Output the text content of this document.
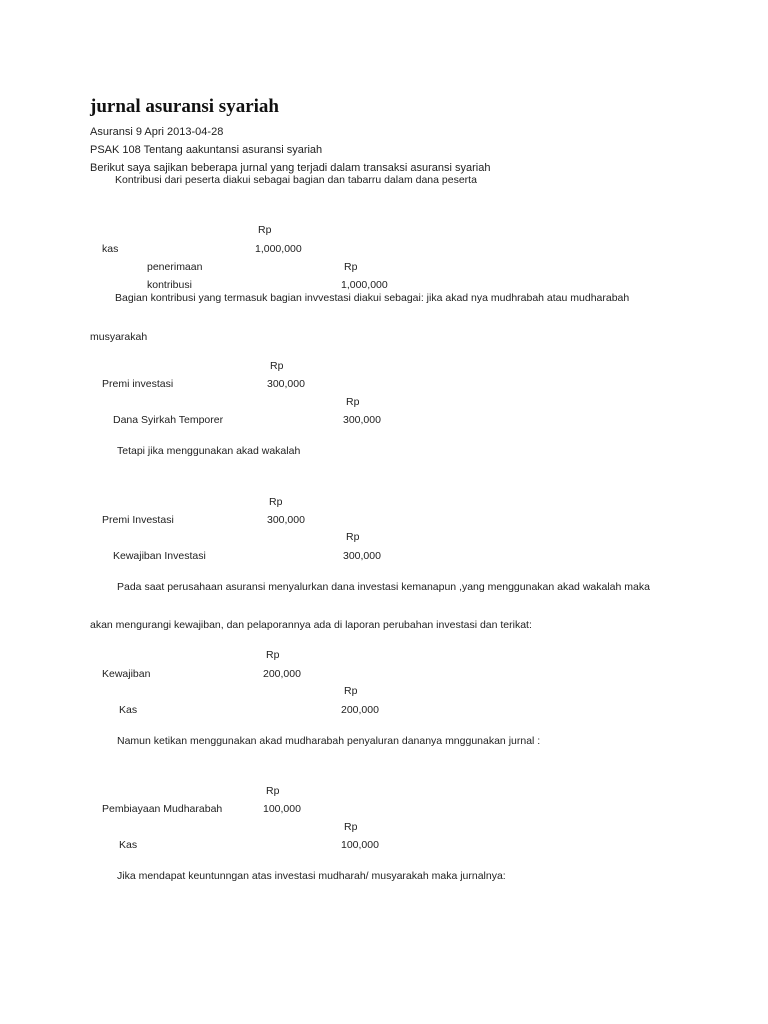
jurnal asuransi syariah
Asuransi 9 Apri 2013-04-28
PSAK 108 Tentang aakuntansi asuransi syariah
Berikut saya sajikan beberapa jurnal yang terjadi dalam transaksi asuransi syariah
Kontribusi dari peserta diakui sebagai bagian dan tabarru dalam dana peserta
Rp
kas	1,000,000
penerimaan	Rp
kontribusi	1,000,000
Bagian kontribusi yang termasuk bagian invvestasi diakui sebagai: jika akad nya mudhrabah atau mudharabah
musyarakah
Rp
Premi investasi	300,000
Rp
Dana Syirkah Temporer	300,000
Tetapi jika menggunakan akad wakalah
Rp
Premi Investasi	300,000
Rp
Kewajiban Investasi	300,000
Pada saat perusahaan asuransi menyalurkan dana investasi kemanapun ,yang menggunakan akad wakalah maka
akan mengurangi kewajiban, dan pelaporannya ada di laporan perubahan investasi dan terikat:
Rp
Kewajiban	200,000
Rp
Kas	200,000
Namun ketikan menggunakan akad mudharabah penyaluran dananya mnggunakan jurnal :
Rp
Pembiayaan Mudharabah	100,000
Rp
Kas	100,000
Jika mendapat keuntunngan atas investasi mudharah/ musyarakah maka jurnalnya:
